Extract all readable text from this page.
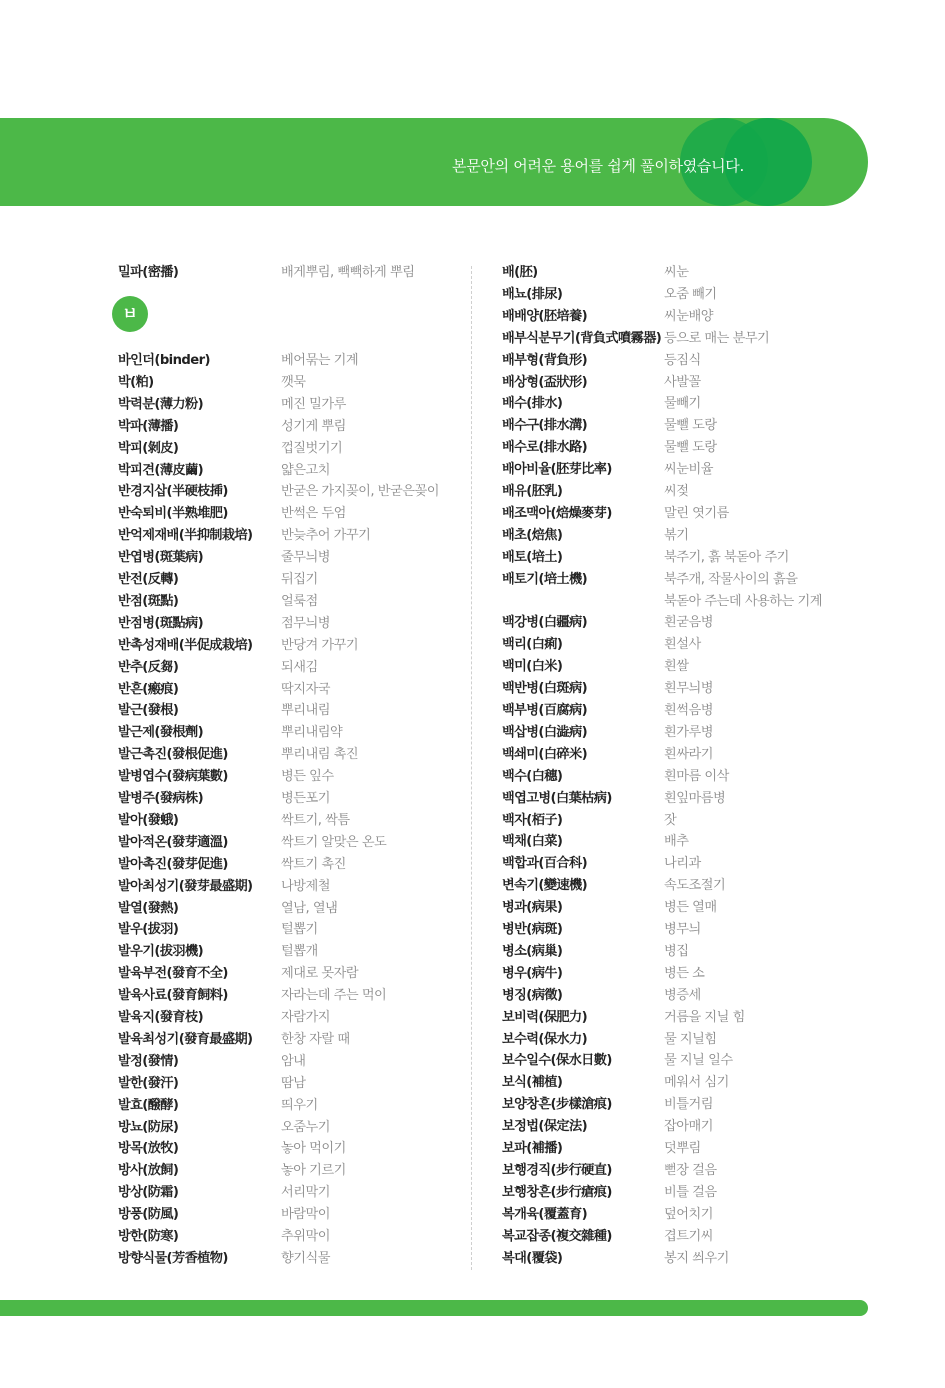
본문안의 어려운 용어를 쉽게 풀이하였습니다.
밀파(密播)	배게뿌림, 빽빽하게 뿌림
바인더(binder)	베어묶는 기계
박(粕)	깻묵
박력분(薄力粉)	메진 밀가루
박파(薄播)	성기게 뿌림
박피(剝皮)	껍질벗기기
박피견(薄皮繭)	얇은고치
반경지삽(半硬枝揷)	반굳은 가지꽂이, 반굳은꽂이
반숙퇴비(半熟堆肥)	반썩은 두엄
반억제재배(半抑制栽培) 반늦추어 가꾸기
반엽병(斑葉病)	줄무늬병
반전(反轉)	뒤집기
반점(斑點)	얼룩점
반점병(斑點病)	점무늬병
반촉성재배(半促成栽培) 반당겨 가꾸기
반추(反芻)	되새김
반흔(瘢痕)	딱지자국
발근(發根)	뿌리내림
발근제(發根劑)	뿌리내림약
발근촉진(發根促進)	뿌리내림 촉진
발병엽수(發病葉數)	병든 잎수
발병주(發病株)	병든포기
발아(發蛾)	싹트기, 싹틈
발아적온(發芽適溫)	싹트기 알맞은 온도
발아촉진(發芽促進)	싹트기 촉진
발아최성기(發芽最盛期) 나방제철
발열(發熱)	열남, 열냄
발우(拔羽)	털뽑기
발우기(拔羽機)	털뽑개
발육부전(發育不全)	제대로 못자람
발육사료(發育飼料)	자라는데 주는 먹이
발육지(發育枝)	자람가지
발육최성기(發育最盛期) 한창 자랄 때
발정(發情)	암내
발한(發汗)	땀남
발효(醱酵)	띄우기
방뇨(防尿)	오줌누기
방목(放牧)	놓아 먹이기
방사(放飼)	놓아 기르기
방상(防霜)	서리막기
방풍(防風)	바람막이
방한(防寒)	추위막이
방향식물(芳香植物)	향기식물
ㅂ
배(胚)	씨눈
배뇨(排尿)	오줌 빼기
배배양(胚培養)	씨눈배양
배부식분무기(背負式噴霧器) 등으로 매는 분무기
배부형(背負形)	등짐식
배상형(盃狀形)	사발꼴
배수(排水)	물빼기
배수구(排水溝)	물뺄 도랑
배수로(排水路)	물뺄 도랑
배아비율(胚芽比率)	씨눈비율
배유(胚乳)	씨젖
배조맥아(焙燥麥芽)	말린 엿기름
배초(焙焦)	볶기
배토(培土)	북주기, 흙 북돋아 주기
배토기(培土機)	북주개, 작물사이의 흙을
북돋아 주는데 사용하는 기계
백강병(白疆病)	흰굳음병
백리(白痢)	흰설사
백미(白米)	흰쌀
백반병(白斑病)	흰무늬병
백부병(百腐病)	흰썩음병
백삽병(白澁病)	흰가루병
백쇄미(白碎米)	흰싸라기
백수(白穗)	흰마름 이삭
백엽고병(白葉枯病)	흰잎마름병
백자(栢子)	잣
백채(白菜)	배추
백합과(百合科)	나리과
변속기(變速機)	속도조절기
병과(病果)	병든 열매
병반(病斑)	병무늬
병소(病巢)	병집
병우(病牛)	병든 소
병징(病徵)	병증세
보비력(保肥力)	거름을 지닐 힘
보수력(保水力)	물 지닐힘
보수일수(保水日數)	물 지닐 일수
보식(補植)	메워서 심기
보양창흔(步樣滄痕)	비틀거림
보정법(保定法)	잡아매기
보파(補播)	덧뿌림
보행경직(步行硬直)	뻗장 걸음
보행창흔(步行瘡痕)	비틀 걸음
복개육(覆蓋育)	덮어치기
복교잡종(複交雜種)	겹트기씨
복대(覆袋)	봉지 씌우기
